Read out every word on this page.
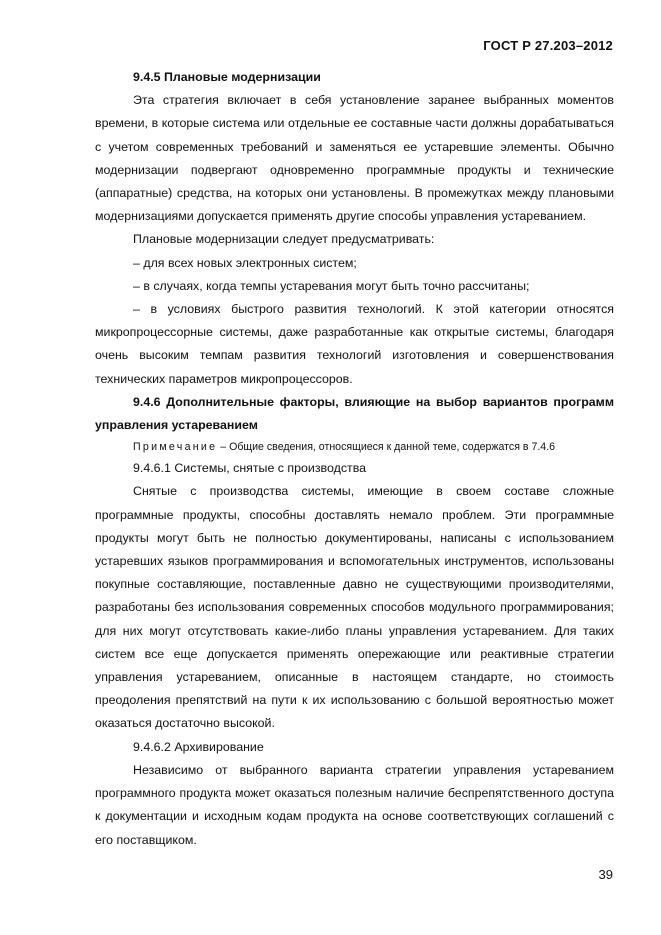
ГОСТ Р 27.203–2012

9.4.5 Плановые модернизации

Эта стратегия включает в себя установление заранее выбранных моментов времени, в которые система или отдельные ее составные части должны дорабатываться с учетом современных требований и заменяться ее устаревшие элементы. Обычно модернизации подвергают одновременно программные продукты и технические (аппаратные) средства, на которых они установлены. В промежутках между плановыми модернизациями допускается применять другие способы управления устареванием.

Плановые модернизации следует предусматривать:

– для всех новых электронных систем;

– в случаях, когда темпы устаревания могут быть точно рассчитаны;

– в условиях быстрого развития технологий. К этой категории относятся микропроцессорные системы, даже разработанные как открытые системы, благодаря очень высоким темпам развития технологий изготовления и совершенствования технических параметров микропроцессоров.

9.4.6 Дополнительные факторы, влияющие на выбор вариантов программ управления устареванием

Примечание – Общие сведения, относящиеся к данной теме, содержатся в 7.4.6

9.4.6.1 Системы, снятые с производства

Снятые с производства системы, имеющие в своем составе сложные программные продукты, способны доставлять немало проблем. Эти программные продукты могут быть не полностью документированы, написаны с использованием устаревших языков программирования и вспомогательных инструментов, использованы покупные составляющие, поставленные давно не существующими производителями, разработаны без использования современных способов модульного программирования; для них могут отсутствовать какие-либо планы управления устареванием. Для таких систем все еще допускается применять опережающие или реактивные стратегии управления устареванием, описанные в настоящем стандарте, но стоимость преодоления препятствий на пути к их использованию с большой вероятностью может оказаться достаточно высокой.

9.4.6.2 Архивирование

Независимо от выбранного варианта стратегии управления устареванием программного продукта может оказаться полезным наличие беспрепятственного доступа к документации и исходным кодам продукта на основе соответствующих соглашений с его поставщиком.

39
